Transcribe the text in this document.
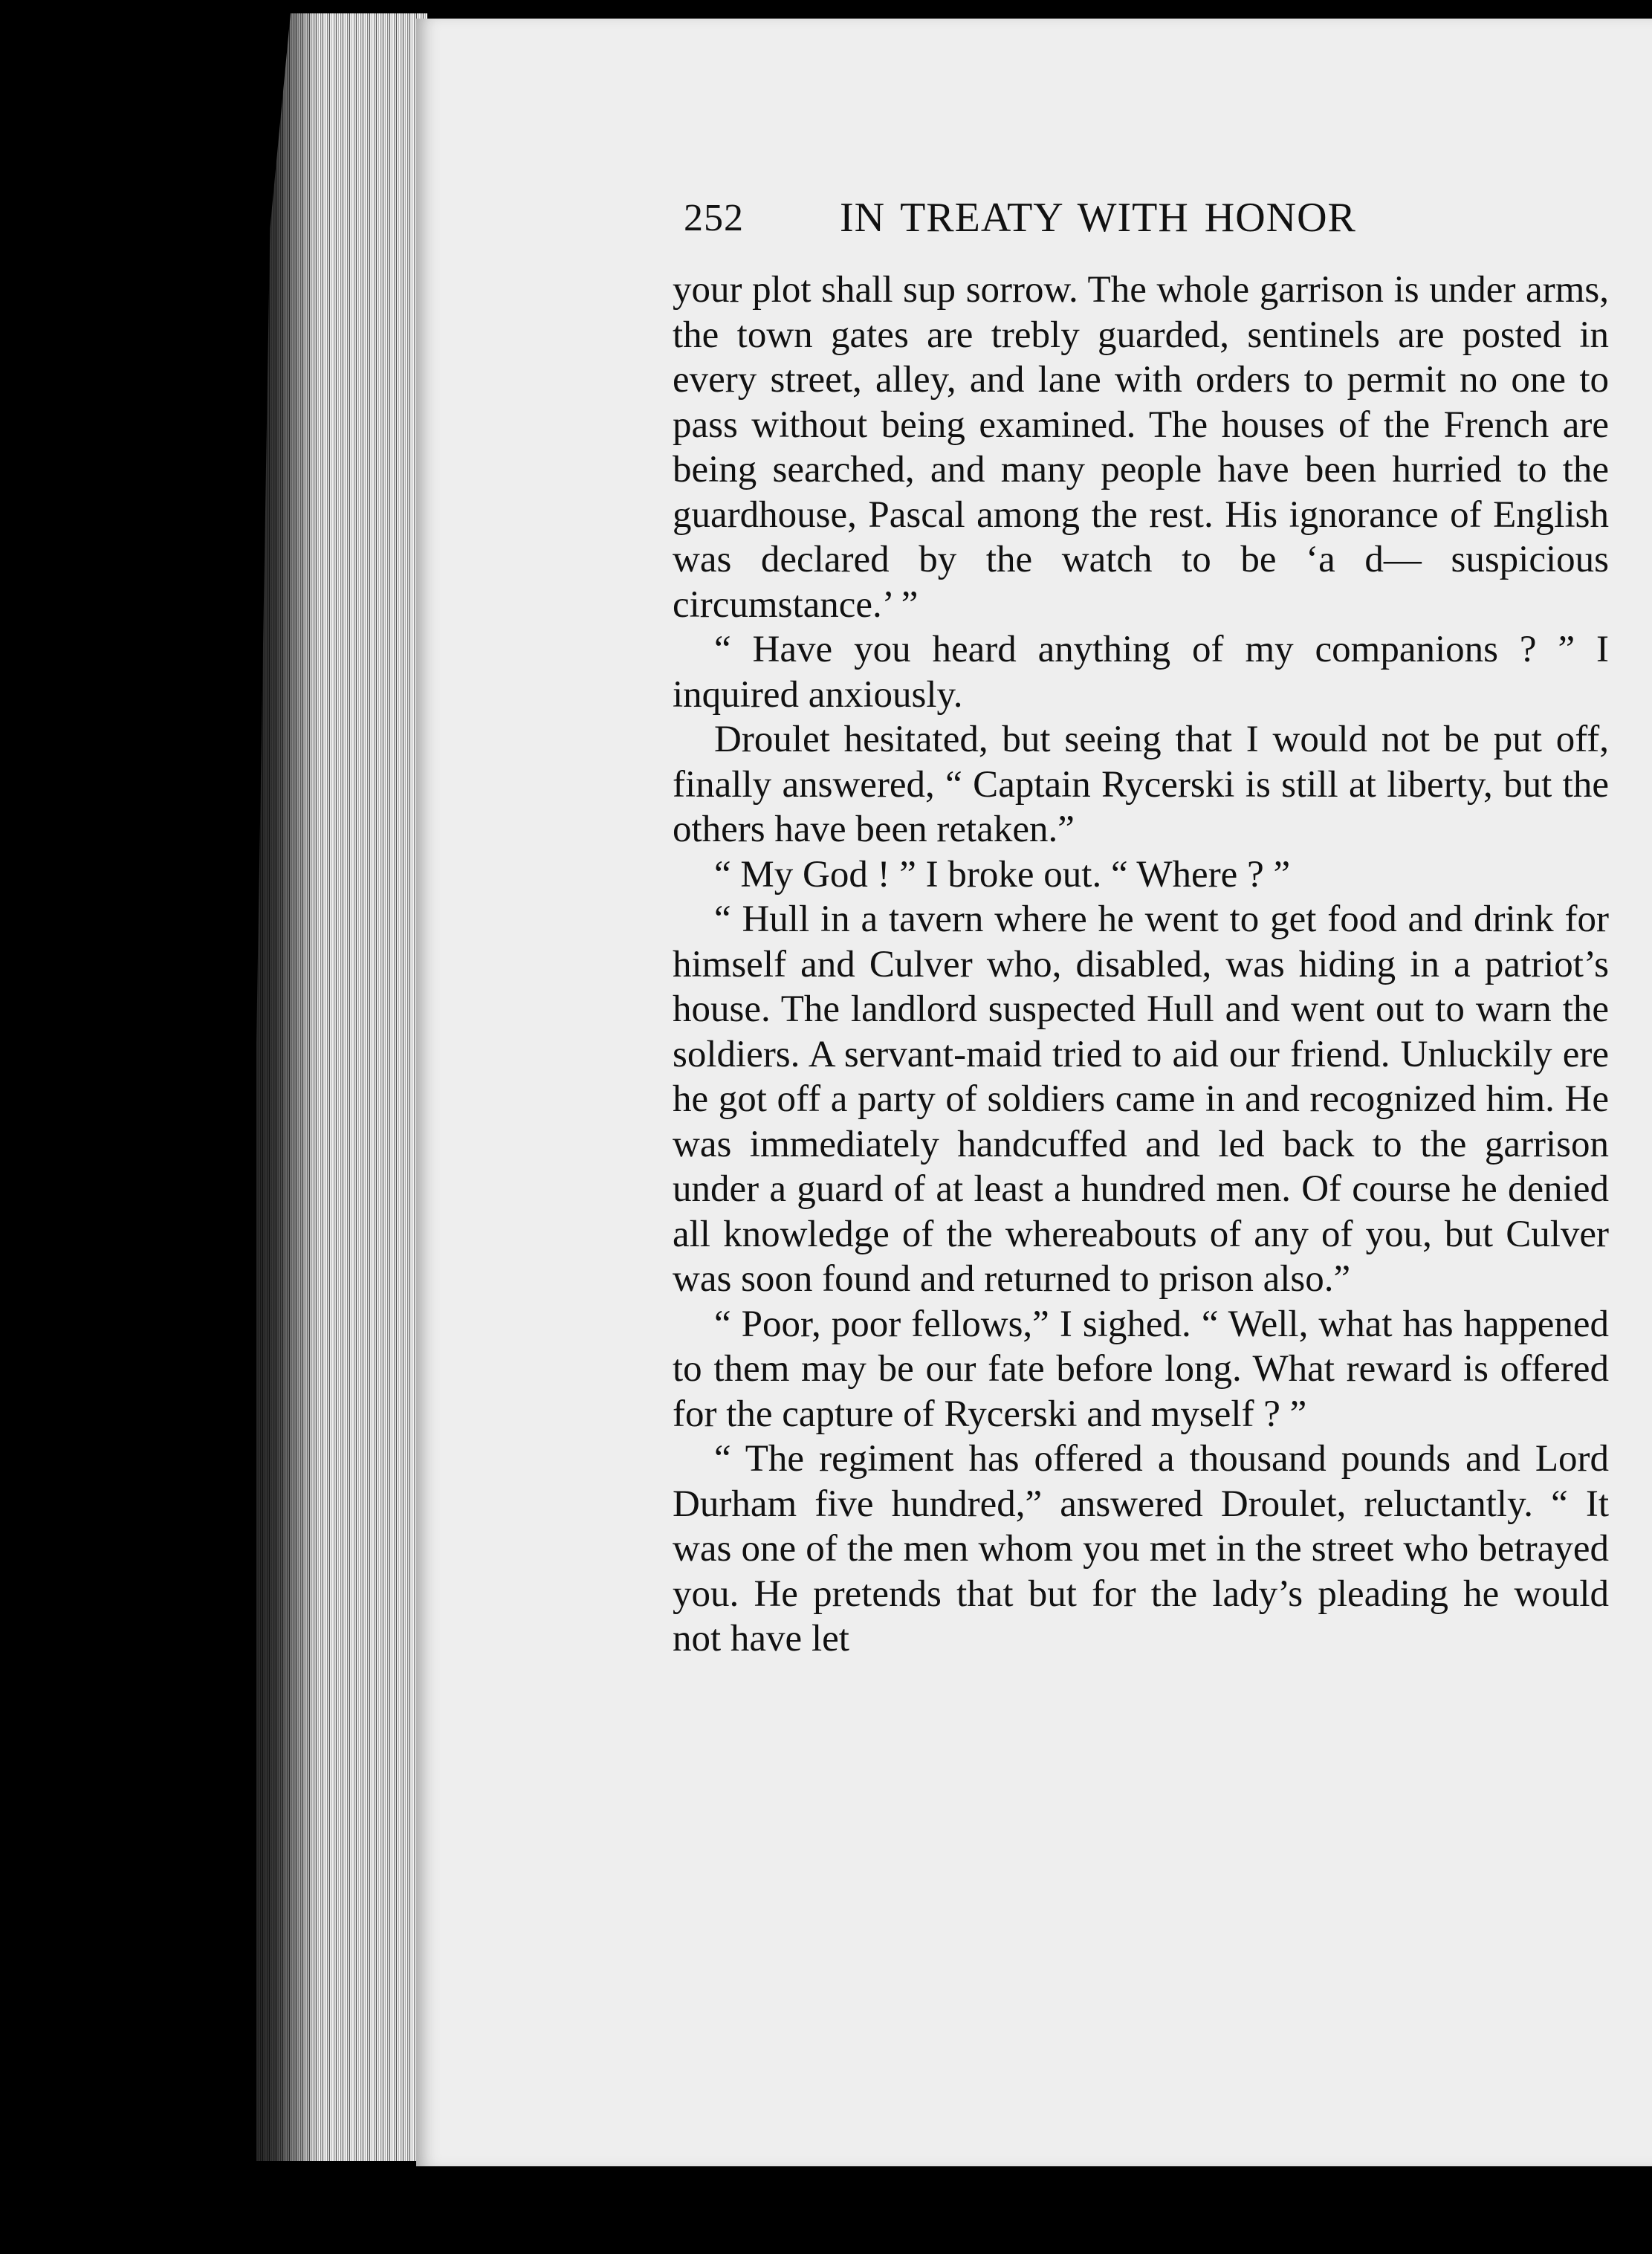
252 IN TREATY WITH HONOR

your plot shall sup sorrow. The whole garrison is under arms, the town gates are trebly guarded, sentinels are posted in every street, alley, and lane with orders to permit no one to pass without being examined. The houses of the French are being searched, and many people have been hurried to the guardhouse, Pascal among the rest. His ignorance of English was declared by the watch to be ‘a d— suspicious circumstance.’ ”

“ Have you heard anything of my companions ? ” I inquired anxiously.

Droulet hesitated, but seeing that I would not be put off, finally answered, “ Captain Rycerski is still at liberty, but the others have been retaken.”

“ My God ! ” I broke out. “ Where ? ”

“ Hull in a tavern where he went to get food and drink for himself and Culver who, disabled, was hiding in a patriot’s house. The landlord suspected Hull and went out to warn the soldiers. A servant-maid tried to aid our friend. Unluckily ere he got off a party of soldiers came in and recognized him. He was immediately handcuffed and led back to the garrison under a guard of at least a hundred men. Of course he denied all knowledge of the whereabouts of any of you, but Culver was soon found and returned to prison also.”

“ Poor, poor fellows,” I sighed. “ Well, what has happened to them may be our fate before long. What reward is offered for the capture of Rycerski and myself ? ”

“ The regiment has offered a thousand pounds and Lord Durham five hundred,” answered Droulet, reluctantly. “ It was one of the men whom you met in the street who betrayed you. He pretends that but for the lady’s pleading he would not have let
